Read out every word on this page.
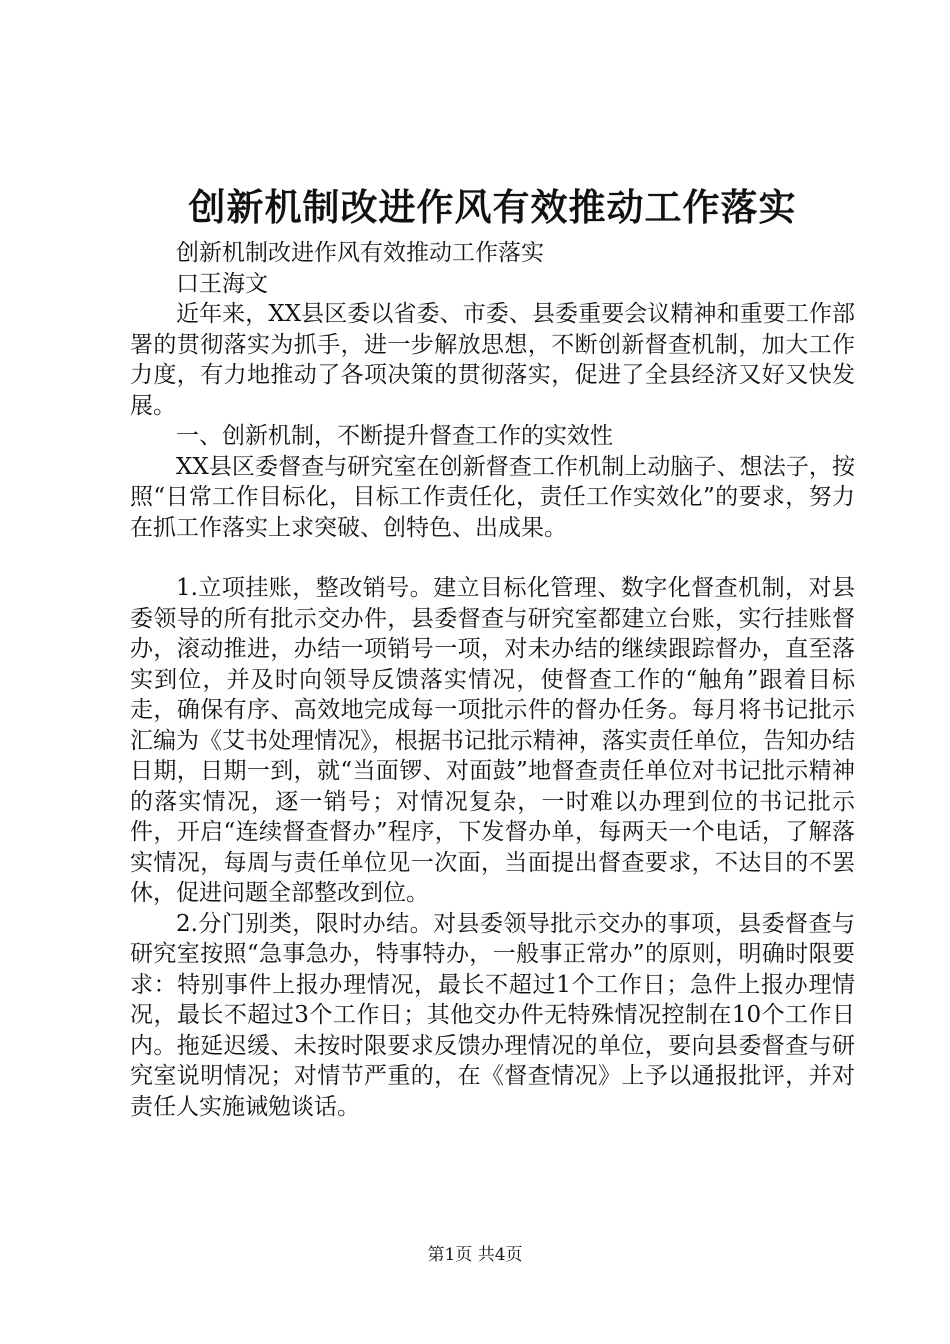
创新机制改进作风有效推动工作落实

创新机制改进作风有效推动工作落实

口王海文

近年来，XX县区委以省委、市委、县委重要会议精神和重要工作部署的贯彻落实为抓手，进一步解放思想，不断创新督查机制，加大工作力度，有力地推动了各项决策的贯彻落实，促进了全县经济又好又快发展。

一、创新机制，不断提升督查工作的实效性

XX县区委督查与研究室在创新督查工作机制上动脑子、想法子，按照“日常工作目标化，目标工作责任化，责任工作实效化”的要求，努力在抓工作落实上求突破、创特色、出成果。

1.立项挂账，整改销号。建立目标化管理、数字化督查机制，对县委领导的所有批示交办件，县委督查与研究室都建立台账，实行挂账督办，滚动推进，办结一项销号一项，对未办结的继续跟踪督办，直至落实到位，并及时向领导反馈落实情况，使督查工作的“触角”跟着目标走，确保有序、高效地完成每一项批示件的督办任务。每月将书记批示汇编为《艾书处理情况》，根据书记批示精神，落实责任单位，告知办结日期，日期一到，就“当面锣、对面鼓”地督查责任单位对书记批示精神的落实情况，逐一销号；对情况复杂，一时难以办理到位的书记批示件，开启“连续督查督办”程序，下发督办单，每两天一个电话，了解落实情况，每周与责任单位见一次面，当面提出督查要求，不达目的不罢休，促进问题全部整改到位。

2.分门别类，限时办结。对县委领导批示交办的事项，县委督查与研究室按照“急事急办，特事特办，一般事正常办”的原则，明确时限要求：特别事件上报办理情况，最长不超过1个工作日；急件上报办理情况，最长不超过3个工作日；其他交办件无特殊情况控制在10个工作日内。拖延迟缓、未按时限要求反馈办理情况的单位，要向县委督查与研究室说明情况；对情节严重的，在《督查情况》上予以通报批评，并对责任人实施诫勉谈话。

第1页 共4页
